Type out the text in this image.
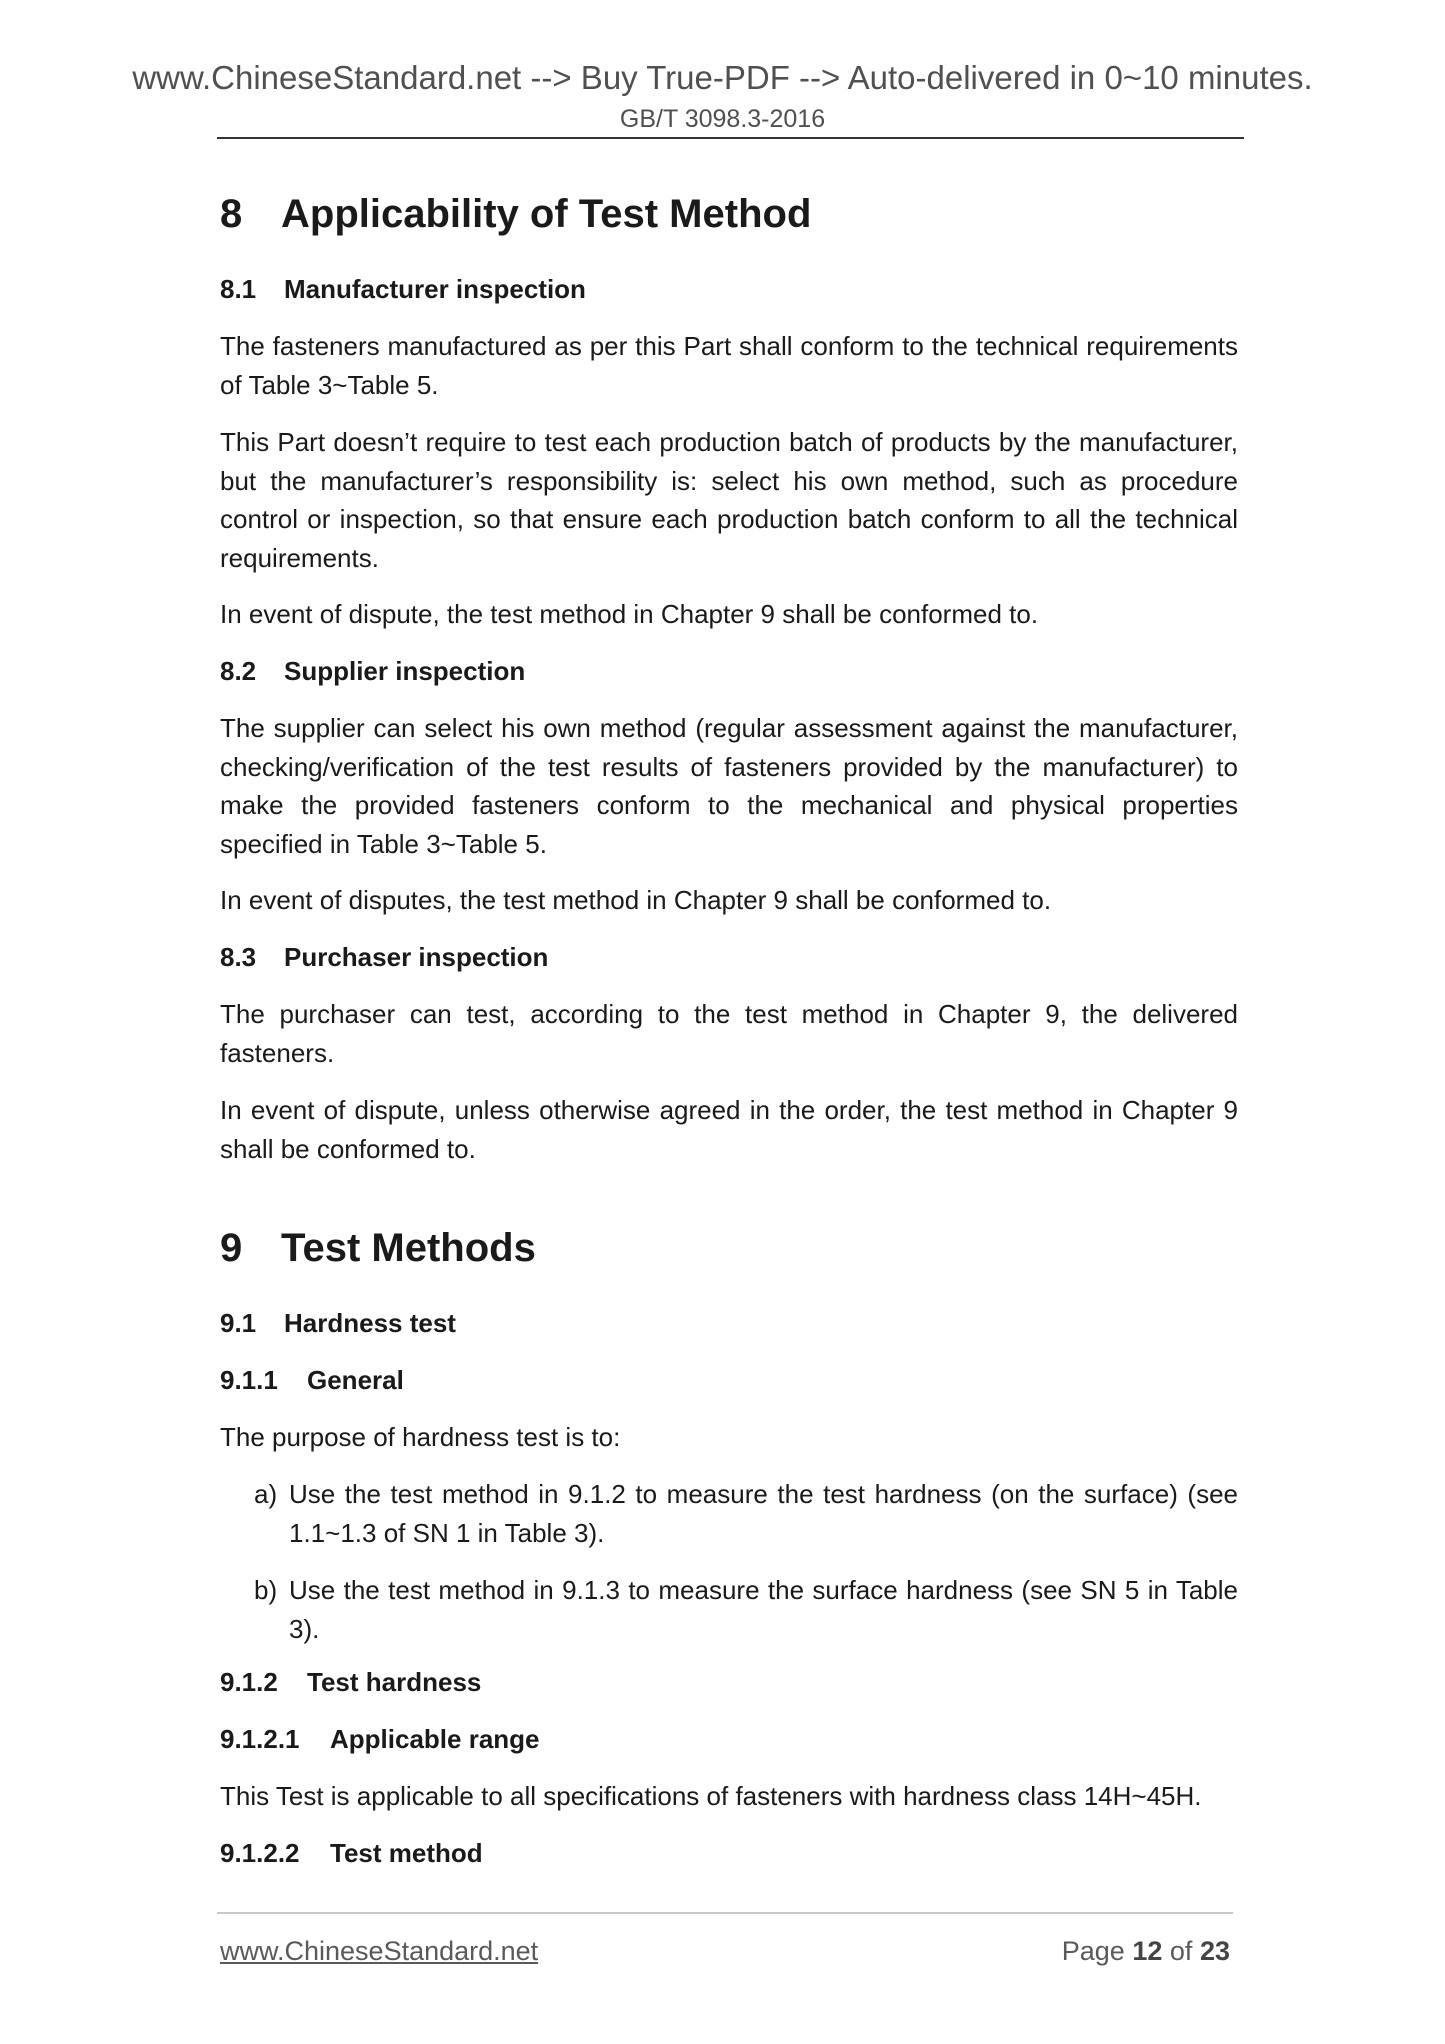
www.ChineseStandard.net --> Buy True-PDF --> Auto-delivered in 0~10 minutes.
GB/T 3098.3-2016
8 Applicability of Test Method
8.1 Manufacturer inspection

The fasteners manufactured as per this Part shall conform to the technical requirements of Table 3~Table 5.

This Part doesn’t require to test each production batch of products by the manufacturer, but the manufacturer’s responsibility is: select his own method, such as procedure control or inspection, so that ensure each production batch conform to all the technical requirements.

In event of dispute, the test method in Chapter 9 shall be conformed to.

8.2 Supplier inspection

The supplier can select his own method (regular assessment against the manufacturer, checking/verification of the test results of fasteners provided by the manufacturer) to make the provided fasteners conform to the mechanical and physical properties specified in Table 3~Table 5.

In event of disputes, the test method in Chapter 9 shall be conformed to.

8.3 Purchaser inspection

The purchaser can test, according to the test method in Chapter 9, the delivered fasteners.

In event of dispute, unless otherwise agreed in the order, the test method in Chapter 9 shall be conformed to.

9 Test Methods
9.1 Hardness test
9.1.1 General

The purpose of hardness test is to:

a) Use the test method in 9.1.2 to measure the test hardness (on the surface) (see 1.1~1.3 of SN 1 in Table 3).
b) Use the test method in 9.1.3 to measure the surface hardness (see SN 5 in Table 3).
9.1.2 Test hardness
9.1.2.1 Applicable range

This Test is applicable to all specifications of fasteners with hardness class 14H~45H.

9.1.2.2 Test method
www.ChineseStandard.net	Page 12 of 23
